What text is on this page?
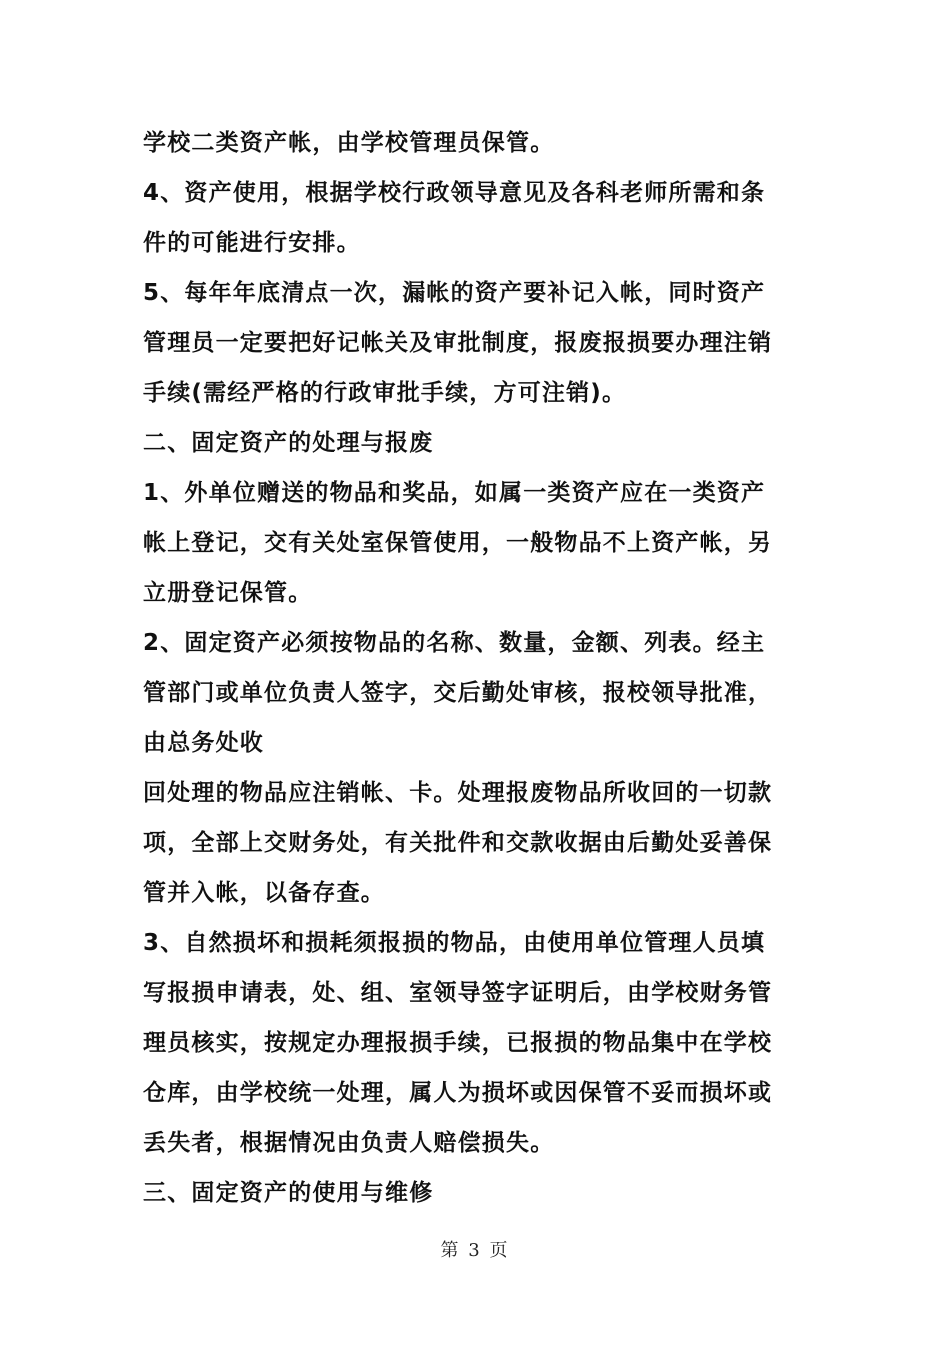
学校二类资产帐，由学校管理员保管。
4、资产使用，根据学校行政领导意见及各科老师所需和条
件的可能进行安排。
5、每年年底清点一次，漏帐的资产要补记入帐，同时资产
管理员一定要把好记帐关及审批制度，报废报损要办理注销
手续(需经严格的行政审批手续，方可注销)。
二、固定资产的处理与报废
1、外单位赠送的物品和奖品，如属一类资产应在一类资产
帐上登记，交有关处室保管使用，一般物品不上资产帐，另
立册登记保管。
2、固定资产必须按物品的名称、数量，金额、列表。经主
管部门或单位负责人签字，交后勤处审核，报校领导批准，
由总务处收
回处理的物品应注销帐、卡。处理报废物品所收回的一切款
项，全部上交财务处，有关批件和交款收据由后勤处妥善保
管并入帐，以备存查。
3、自然损坏和损耗须报损的物品，由使用单位管理人员填
写报损申请表，处、组、室领导签字证明后，由学校财务管
理员核实，按规定办理报损手续，已报损的物品集中在学校
仓库，由学校统一处理，属人为损坏或因保管不妥而损坏或
丢失者，根据情况由负责人赔偿损失。
三、固定资产的使用与维修
第 3 页
